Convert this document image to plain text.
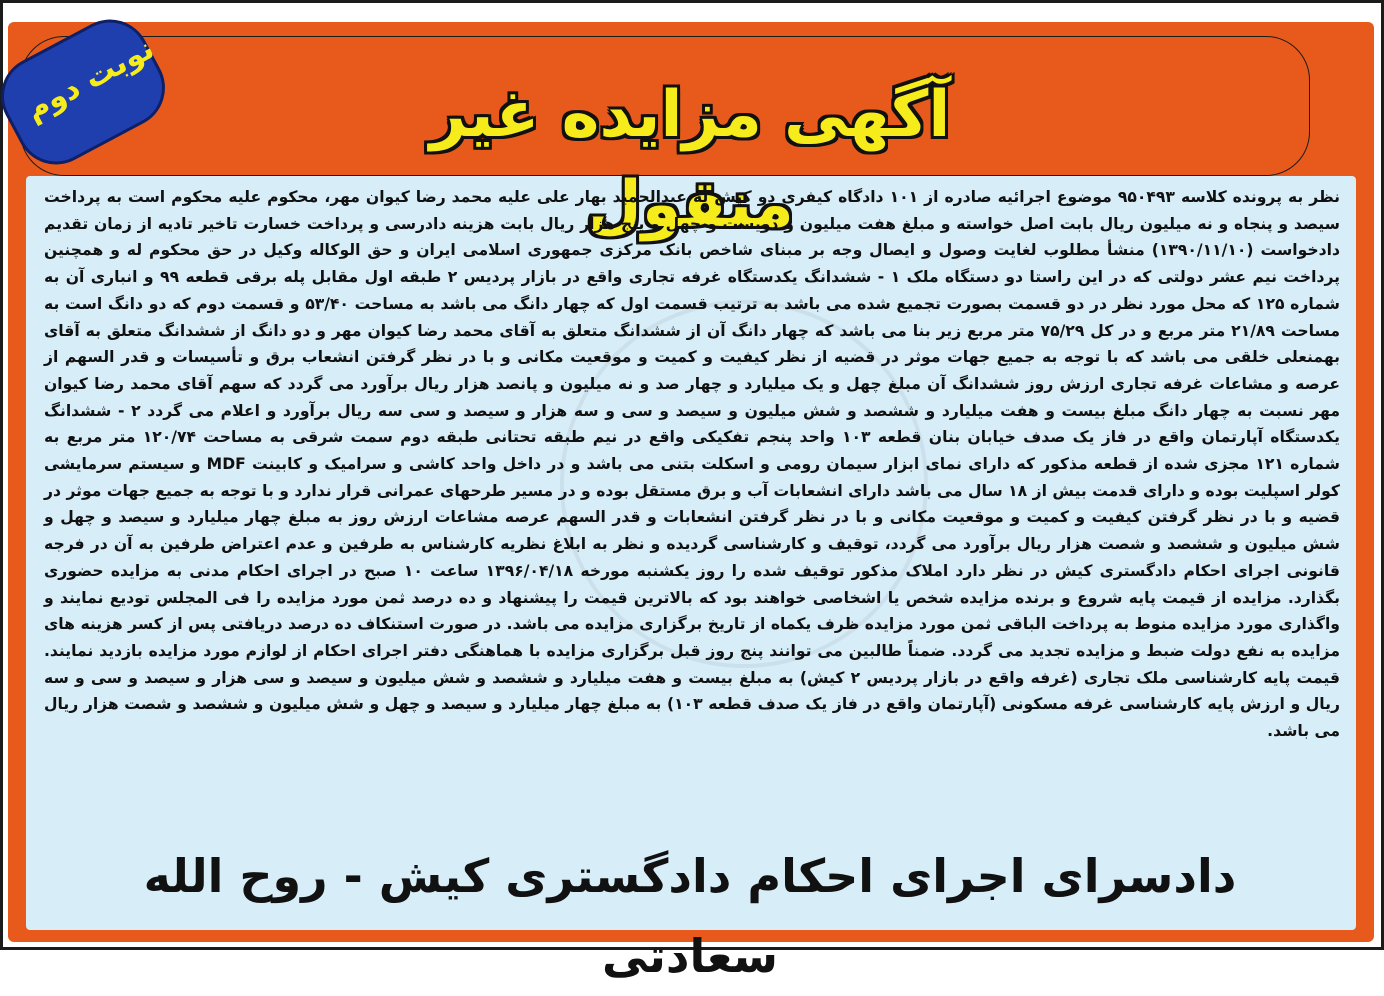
نوبت دوم	آگهی مزایده غیر منقول
نظر به پرونده کلاسه ۹۵۰۴۹۳ موضوع اجرائیه صادره از ۱۰۱ دادگاه کیفری دو کیش له عبدالحمید بهار علی علیه محمد رضا کیوان مهر، محکوم علیه محکوم است به پرداخت سیصد و پنجاه و نه میلیون ریال بابت اصل خواسته و مبلغ هفت میلیون و دویست و چهل و پنج هزار ریال بابت هزینه دادرسی و پرداخت خسارت تاخیر تادیه از زمان تقدیم دادخواست (۱۳۹۰/۱۱/۱۰) منشأ مطلوب لغایت وصول و ایصال وجه بر مبنای شاخص بانک مرکزی جمهوری اسلامی ایران و حق الوکاله وکیل در حق محکوم له و همچنین پرداخت نیم عشر دولتی که در این راستا دو دستگاه ملک ۱ - ششدانگ یکدستگاه غرفه تجاری واقع در بازار پردیس ۲ طبقه اول مقابل پله برقی قطعه ۹۹ و انباری آن به شماره ۱۲۵ که محل مورد نظر در دو قسمت بصورت تجمیع شده می باشد به ترتیب قسمت اول که چهار دانگ می باشد به مساحت ۵۳/۴۰ و قسمت دوم که دو دانگ است به مساحت ۲۱/۸۹ متر مربع و در کل ۷۵/۲۹ متر مربع زیر بنا می باشد که چهار دانگ آن از ششدانگ متعلق به آقای محمد رضا کیوان مهر و دو دانگ از ششدانگ متعلق به آقای بهمنعلی خلقی می باشد که با توجه به جمیع جهات موثر در قضیه از نظر کیفیت و کمیت و موقعیت مکانی و با در نظر گرفتن انشعاب برق و تأسیسات و قدر السهم از عرصه و مشاعات غرفه تجاری ارزش روز ششدانگ آن مبلغ چهل و یک میلیارد و چهار صد و نه میلیون و پانصد هزار ریال برآورد می گردد که سهم آقای محمد رضا کیوان مهر نسبت به چهار دانگ مبلغ بیست و هفت میلیارد و ششصد و شش میلیون و سیصد و سی و سه هزار و سیصد و سی سه ریال برآورد و اعلام می گردد ۲ - ششدانگ یکدستگاه آپارتمان واقع در فاز یک صدف خیابان بنان قطعه ۱۰۳ واحد پنجم تفکیکی واقع در نیم طبقه تحتانی طبقه دوم سمت شرقی به مساحت ۱۲۰/۷۴ متر مربع به شماره ۱۲۱ مجزی شده از قطعه مذکور که دارای نمای ابزار سیمان رومی و اسکلت بتنی می باشد و در داخل واحد کاشی و سرامیک و کابینت MDF و سیستم سرمایشی کولر اسپلیت بوده و دارای قدمت بیش از ۱۸ سال می باشد دارای انشعابات آب و برق مستقل بوده و در مسیر طرحهای عمرانی قرار ندارد و با توجه به جمیع جهات موثر در قضیه و با در نظر گرفتن کیفیت و کمیت و موقعیت مکانی و با در نظر گرفتن انشعابات و قدر السهم عرصه مشاعات ارزش روز به مبلغ چهار میلیارد و سیصد و چهل و شش میلیون و ششصد و شصت هزار ریال برآورد می گردد، توقیف و کارشناسی گردیده و نظر به ابلاغ نظریه کارشناس به طرفین و عدم اعتراض طرفین به آن در فرجه قانونی اجرای احکام دادگستری کیش در نظر دارد املاک مذکور توقیف شده را روز یکشنبه مورخه ۱۳۹۶/۰۴/۱۸ ساعت ۱۰ صبح در اجرای احکام مدنی به مزایده حضوری بگذارد. مزایده از قیمت پایه شروع و برنده مزایده شخص یا اشخاصی خواهند بود که بالاترین قیمت را پیشنهاد و ده درصد ثمن مورد مزایده را فی المجلس تودیع نمایند و واگذاری مورد مزایده منوط به پرداخت الباقی ثمن مورد مزایده ظرف یکماه از تاریخ برگزاری مزایده می باشد. در صورت استنکاف ده درصد دریافتی پس از کسر هزینه های مزایده به نفع دولت ضبط و مزایده تجدید می گردد. ضمناً طالبین می توانند پنج روز قبل برگزاری مزایده با هماهنگی دفتر اجرای احکام از لوازم مورد مزایده بازدید نمایند. قیمت پایه کارشناسی ملک تجاری (غرفه واقع در بازار پردیس ۲ کیش) به مبلغ بیست و هفت میلیارد و ششصد و شش میلیون و سیصد و سی هزار و سیصد و سی و سه ریال و ارزش پایه کارشناسی غرفه مسکونی (آپارتمان واقع در فاز یک صدف قطعه ۱۰۳) به مبلغ چهار میلیارد و سیصد و چهل و شش میلیون و ششصد و شصت هزار ریال می باشد.
دادسرای اجرای احکام دادگستری کیش - روح الله سعادتی
